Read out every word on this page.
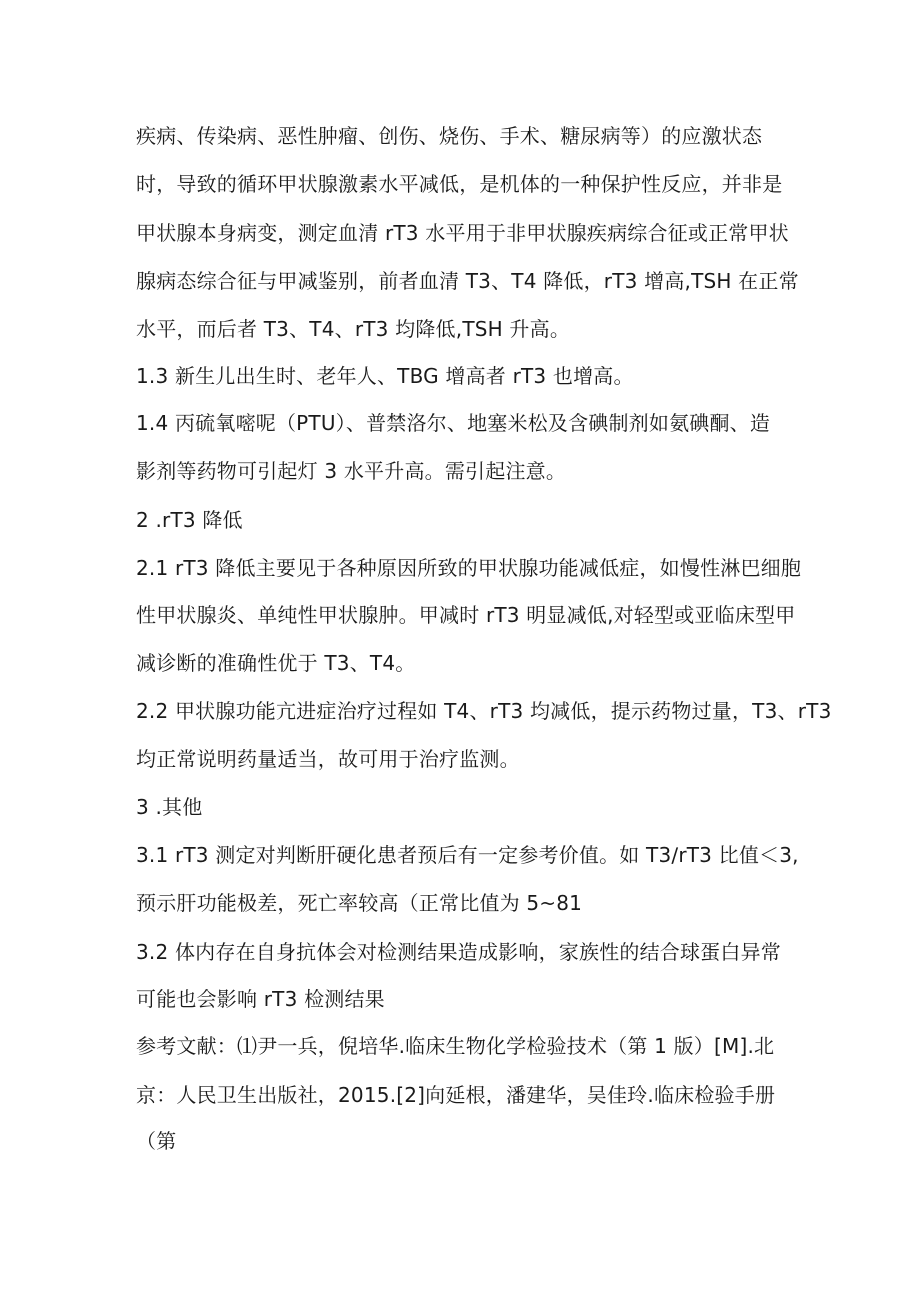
疾病、传染病、恶性肿瘤、创伤、烧伤、手术、糖尿病等）的应激状态
时，导致的循环甲状腺激素水平减低，是机体的一种保护性反应，并非是
甲状腺本身病变，测定血清 rT3 水平用于非甲状腺疾病综合征或正常甲状
腺病态综合征与甲减鉴别，前者血清 T3、T4 降低，rT3 增高,TSH 在正常
水平，而后者 T3、T4、rT3 均降低,TSH 升高。
1.3 新生儿出生时、老年人、TBG 增高者 rT3 也增高。
1.4 丙硫氧嘧呢（PTU）、普禁洛尔、地塞米松及含碘制剂如氨碘酮、造
影剂等药物可引起灯 3 水平升高。需引起注意。
2 .rT3 降低
2.1 rT3 降低主要见于各种原因所致的甲状腺功能减低症，如慢性淋巴细胞
性甲状腺炎、单纯性甲状腺肿。甲减时 rT3 明显减低,对轻型或亚临床型甲
减诊断的准确性优于 T3、T4。
2.2 甲状腺功能亢进症治疗过程如 T4、rT3 均减低，提示药物过量，T3、rT3
均正常说明药量适当，故可用于治疗监测。
3 .其他
3.1 rT3 测定对判断肝硬化患者预后有一定参考价值。如 T3∕rT3 比值＜3,
预示肝功能极差，死亡率较高（正常比值为 5~81
3.2 体内存在自身抗体会对检测结果造成影响，家族性的结合球蛋白异常
可能也会影响 rT3 检测结果
参考文献：⑴尹一兵，倪培华.临床生物化学检验技术（第 1 版）[M].北
京：人民卫生出版社，2015.[2]向延根，潘建华，吴佳玲.临床检验手册
（第
